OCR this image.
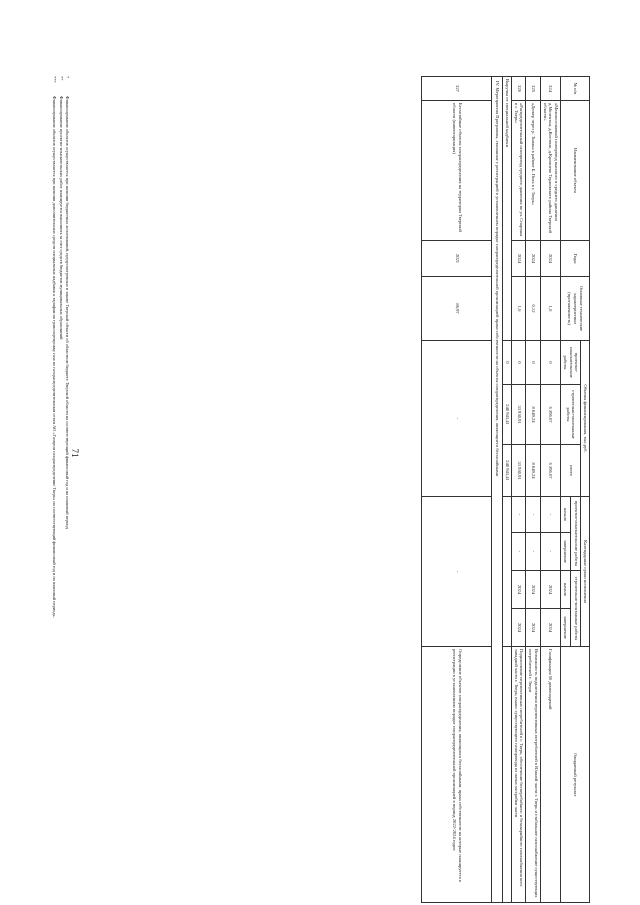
71
№ п/п	Наименование объекта	Годы	Основные технические характеристики (протяженность)	Объемы финансирования, тыс.руб.			Календарные сроки исполнения				Ожидаемый результат
				проектно-изыскательские работы	строительно-монтажные работы	итого	проектно-изыскательские работы		строительно-монтажные работы		
							начало	завершение	начало	завершение	
324	«Межпоселковый газопровод высокого и среднего давления д.Мелентьи, д.Костино, д.Кремнево Торжокского района Тверской области»	2024	1,6	0	6 396,67	6 396,67	-	-	2024	2024	Газификация 56 домовладений
325	«Дюкер через р. Тьмака в районе Б. Пола в г. Тверь»	2024	0,12	0	8 049,24	8 049,24	-	-	2024	2024	Возможность подключения перспективных потребителей в Южной части г. Тверь и стабильное газоснабжение существующих потребителей г. Твери
326	«Распределительный газопровод среднего давления по ул. Спартака в г. Тверь»	2024	1,6	0	33 930,91	33 930,91	-	-	2024	2024	Подключение перспективных потребителей в г. Тверь; обеспечение бесперебойного и безаварийного газоснабжения всех западной части г. Тверь; вынос существующего газопровода из пятна застройки части
Выручка от специальной надбавки				0	240 943,41	240 943,41					
IV. Мероприятия Программы, связанные с регистрацией в установленном порядке газораспределительной организацией права собственности на объекты газораспределения, являющиеся бесхозяйными											
327	Бесхозяйные объекты газораспределения на территории Тверской области (инвентаризация)	2021	86,97	-			-				Определение объектов газораспределения, являющихся бесхозяйными, права собственности на которые планируется к регистрации в установленном порядке газораспределительной организацией в период 2022-2024 годов
*
Финансирование объектов осуществляется при наличии бюджетных ассигнований, предусмотренных в законе Тверской области об областном бюджете Тверской области на соответствующий финансовый год и на плановый период
**
Финансирование проектно-изыскательских работ планируется выполнить за счет средств бюджетов муниципальных образований
***
Финансирование объектов осуществляется при наличии дополнительных средств специальных надбавок к тарифам на транспортировку газа по газораспределительным сетям АО «Газпром газораспределение Тверь» на соответствующий финансовый год и на плановый период».
